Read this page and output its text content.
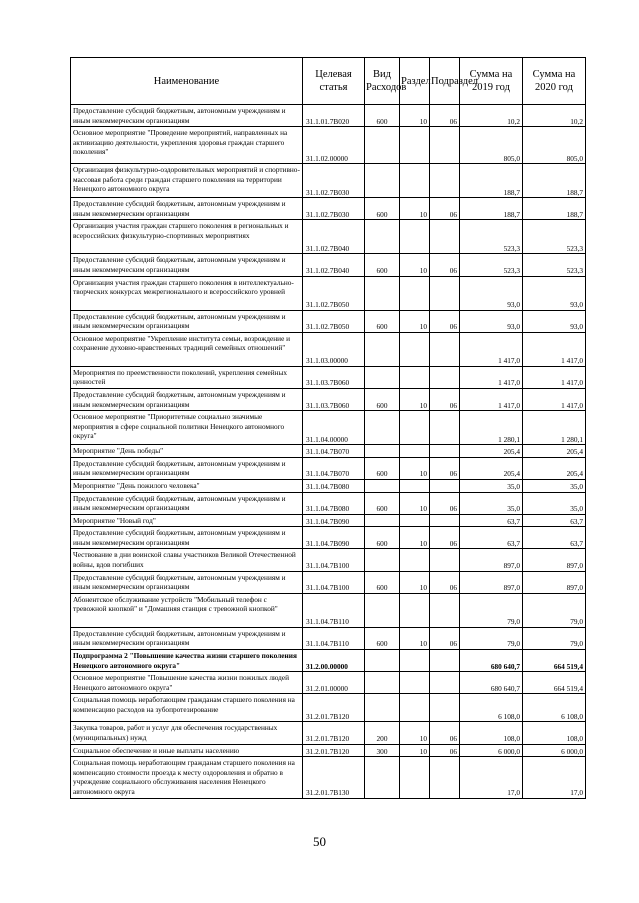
Наименование	Целевая статья	Вид Расходов	Раздел	Подраздел	Сумма на 2019 год	Сумма на 2020 год
Предоставление субсидий бюджетным, автономным учреждениям и иным некоммерческим организациям	31.1.01.7В020	600	10	06	10,2	10,2
Основное мероприятие "Проведение мероприятий, направленных на активизацию деятельности, укрепления здоровья граждан старшего поколения"	31.1.02.00000				805,0	805,0
Организация физкультурно-оздоровительных мероприятий и спортивно-массовая работа среди граждан старшего поколения на территории Ненецкого автономного округа	31.1.02.7В030				188,7	188,7
Предоставление субсидий бюджетным, автономным учреждениям и иным некоммерческим организациям	31.1.02.7В030	600	10	06	188,7	188,7
Организация участия граждан старшего поколения в региональных и всероссийских физкультурно-спортивных мероприятиях	31.1.02.7В040				523,3	523,3
Предоставление субсидий бюджетным, автономным учреждениям и иным некоммерческим организациям	31.1.02.7В040	600	10	06	523,3	523,3
Организация участия граждан старшего поколения в интеллектуально-творческих конкурсах межрегионального и всероссийского уровней	31.1.02.7В050				93,0	93,0
Предоставление субсидий бюджетным, автономным учреждениям и иным некоммерческим организациям	31.1.02.7В050	600	10	06	93,0	93,0
Основное мероприятие "Укрепление института семьи, возрождение и сохранение духовно-нравственных традиций семейных отношений"	31.1.03.00000				1 417,0	1 417,0
Мероприятия по преемственности поколений, укрепления семейных ценностей	31.1.03.7В060				1 417,0	1 417,0
Предоставление субсидий бюджетным, автономным учреждениям и иным некоммерческим организациям	31.1.03.7В060	600	10	06	1 417,0	1 417,0
Основное мероприятие "Приоритетные социально значимые мероприятия в сфере социальной политики Ненецкого автономного округа"	31.1.04.00000				1 280,1	1 280,1
Мероприятие "День победы"	31.1.04.7В070				205,4	205,4
Предоставление субсидий бюджетным, автономным учреждениям и иным некоммерческим организациям	31.1.04.7В070	600	10	06	205,4	205,4
Мероприятие "День пожилого человека"	31.1.04.7В080				35,0	35,0
Предоставление субсидий бюджетным, автономным учреждениям и иным некоммерческим организациям	31.1.04.7В080	600	10	06	35,0	35,0
Мероприятие "Новый год"	31.1.04.7В090				63,7	63,7
Предоставление субсидий бюджетным, автономным учреждениям и иным некоммерческим организациям	31.1.04.7В090	600	10	06	63,7	63,7
Чествование в дни воинской славы участников Великой Отечественной войны, вдов погибших	31.1.04.7В100				897,0	897,0
Предоставление субсидий бюджетным, автономным учреждениям и иным некоммерческим организациям	31.1.04.7В100	600	10	06	897,0	897,0
Абонентское обслуживание устройств "Мобильный телефон с тревожной кнопкой" и "Домашняя станция с тревожной кнопкой"	31.1.04.7В110				79,0	79,0
Предоставление субсидий бюджетным, автономным учреждениям и иным некоммерческим организациям	31.1.04.7В110	600	10	06	79,0	79,0
Подпрограмма 2 "Повышение качества жизни старшего поколения Ненецкого автономного округа"	31.2.00.00000				680 640,7	664 519,4
Основное мероприятие "Повышение качества жизни пожилых людей Ненецкого автономного округа"	31.2.01.00000				680 640,7	664 519,4
Социальная помощь неработающим гражданам старшего поколения на компенсацию расходов на зубопротезирование	31.2.01.7В120				6 108,0	6 108,0
Закупка товаров, работ и услуг для обеспечения государственных (муниципальных) нужд	31.2.01.7В120	200	10	06	108,0	108,0
Социальное обеспечение и иные выплаты населению	31.2.01.7В120	300	10	06	6 000,0	6 000,0
Социальная помощь неработающим гражданам старшего поколения на компенсацию стоимости проезда к месту оздоровления и обратно в учреждение социального обслуживания населения Ненецкого автономного округа	31.2.01.7В130				17,0	17,0
50
